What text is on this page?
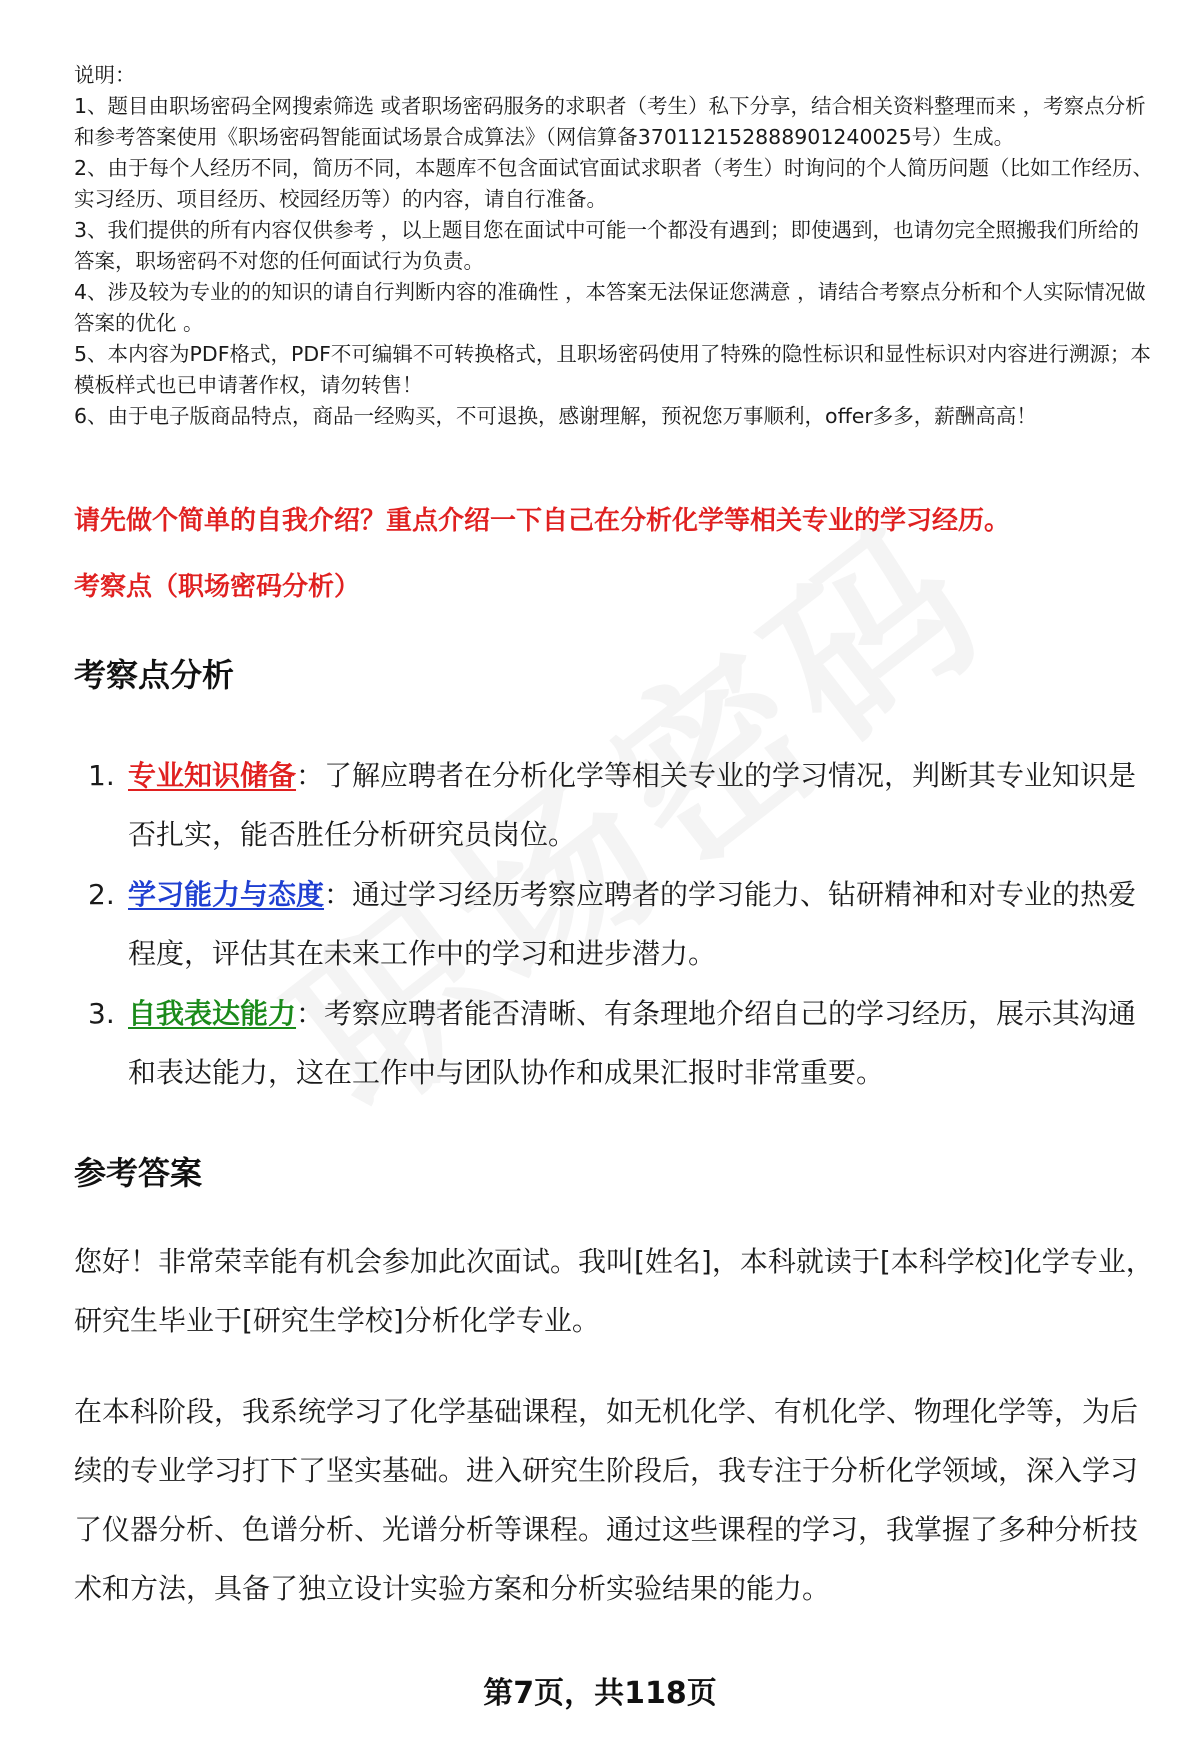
说明：

1、题目由职场密码全网搜索筛选 或者职场密码服务的求职者（考生）私下分享，结合相关资料整理而来 ，考察点分析和参考答案使用《职场密码智能面试场景合成算法》（网信算备370112152888901240025号）生成。

2、由于每个人经历不同，简历不同，本题库不包含面试官面试求职者（考生）时询问的个人简历问题（比如工作经历、实习经历、项目经历、校园经历等）的内容，请自行准备。

3、我们提供的所有内容仅供参考 ，以上题目您在面试中可能一个都没有遇到；即使遇到，也请勿完全照搬我们所给的答案，职场密码不对您的任何面试行为负责。

4、涉及较为专业的的知识的请自行判断内容的准确性 ，本答案无法保证您满意 ，请结合考察点分析和个人实际情况做答案的优化 。

5、本内容为PDF格式，PDF不可编辑不可转换格式，且职场密码使用了特殊的隐性标识和显性标识对内容进行溯源；本模板样式也已申请著作权，请勿转售！

6、由于电子版商品特点，商品一经购买，不可退换，感谢理解，预祝您万事顺利，offer多多，薪酬高高！

请先做个简单的自我介绍？重点介绍一下自己在分析化学等相关专业的学习经历。
考察点（职场密码分析）
考察点分析
1. 专业知识储备：了解应聘者在分析化学等相关专业的学习情况，判断其专业知识是否扎实，能否胜任分析研究员岗位。
2. 学习能力与态度：通过学习经历考察应聘者的学习能力、钻研精神和对专业的热爱程度，评估其在未来工作中的学习和进步潜力。
3. 自我表达能力：考察应聘者能否清晰、有条理地介绍自己的学习经历，展示其沟通和表达能力，这在工作中与团队协作和成果汇报时非常重要。
参考答案

您好！非常荣幸能有机会参加此次面试。我叫[姓名]，本科就读于[本科学校]化学专业，研究生毕业于[研究生学校]分析化学专业。

在本科阶段，我系统学习了化学基础课程，如无机化学、有机化学、物理化学等，为后续的专业学习打下了坚实基础。进入研究生阶段后，我专注于分析化学领域，深入学习了仪器分析、色谱分析、光谱分析等课程。通过这些课程的学习，我掌握了多种分析技术和方法，具备了独立设计实验方案和分析实验结果的能力。

第7页，共118页
